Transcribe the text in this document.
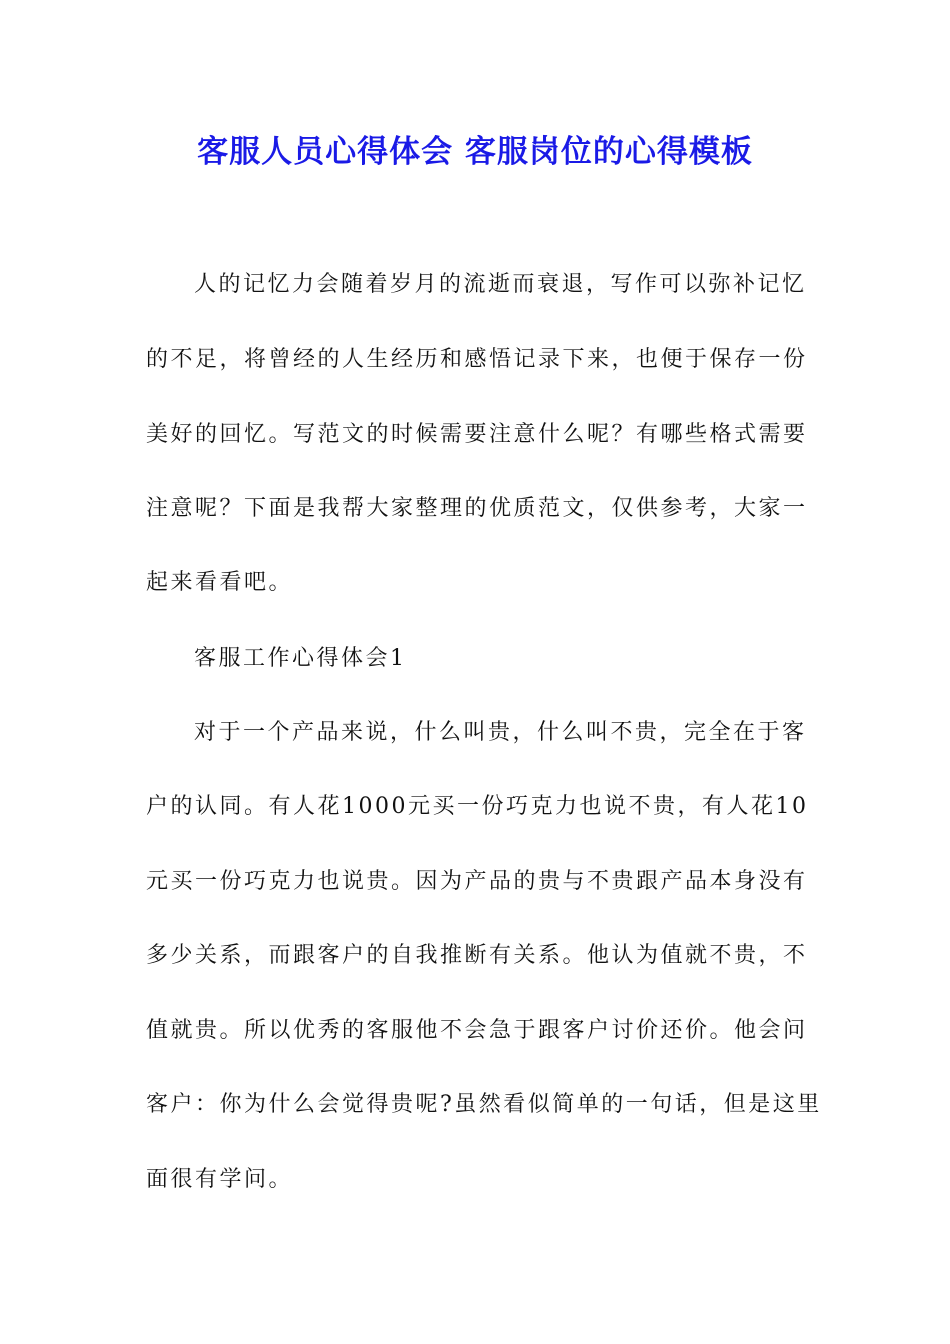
客服人员心得体会 客服岗位的心得模板
人的记忆力会随着岁月的流逝而衰退，写作可以弥补记忆
的不足，将曾经的人生经历和感悟记录下来，也便于保存一份
美好的回忆。写范文的时候需要注意什么呢？有哪些格式需要
注意呢？下面是我帮大家整理的优质范文，仅供参考，大家一
起来看看吧。
客服工作心得体会1
对于一个产品来说，什么叫贵，什么叫不贵，完全在于客
户的认同。有人花1000元买一份巧克力也说不贵，有人花10
元买一份巧克力也说贵。因为产品的贵与不贵跟产品本身没有
多少关系，而跟客户的自我推断有关系。他认为值就不贵，不
值就贵。所以优秀的客服他不会急于跟客户讨价还价。他会问
客户：你为什么会觉得贵呢?虽然看似简单的一句话，但是这里
面很有学问。
